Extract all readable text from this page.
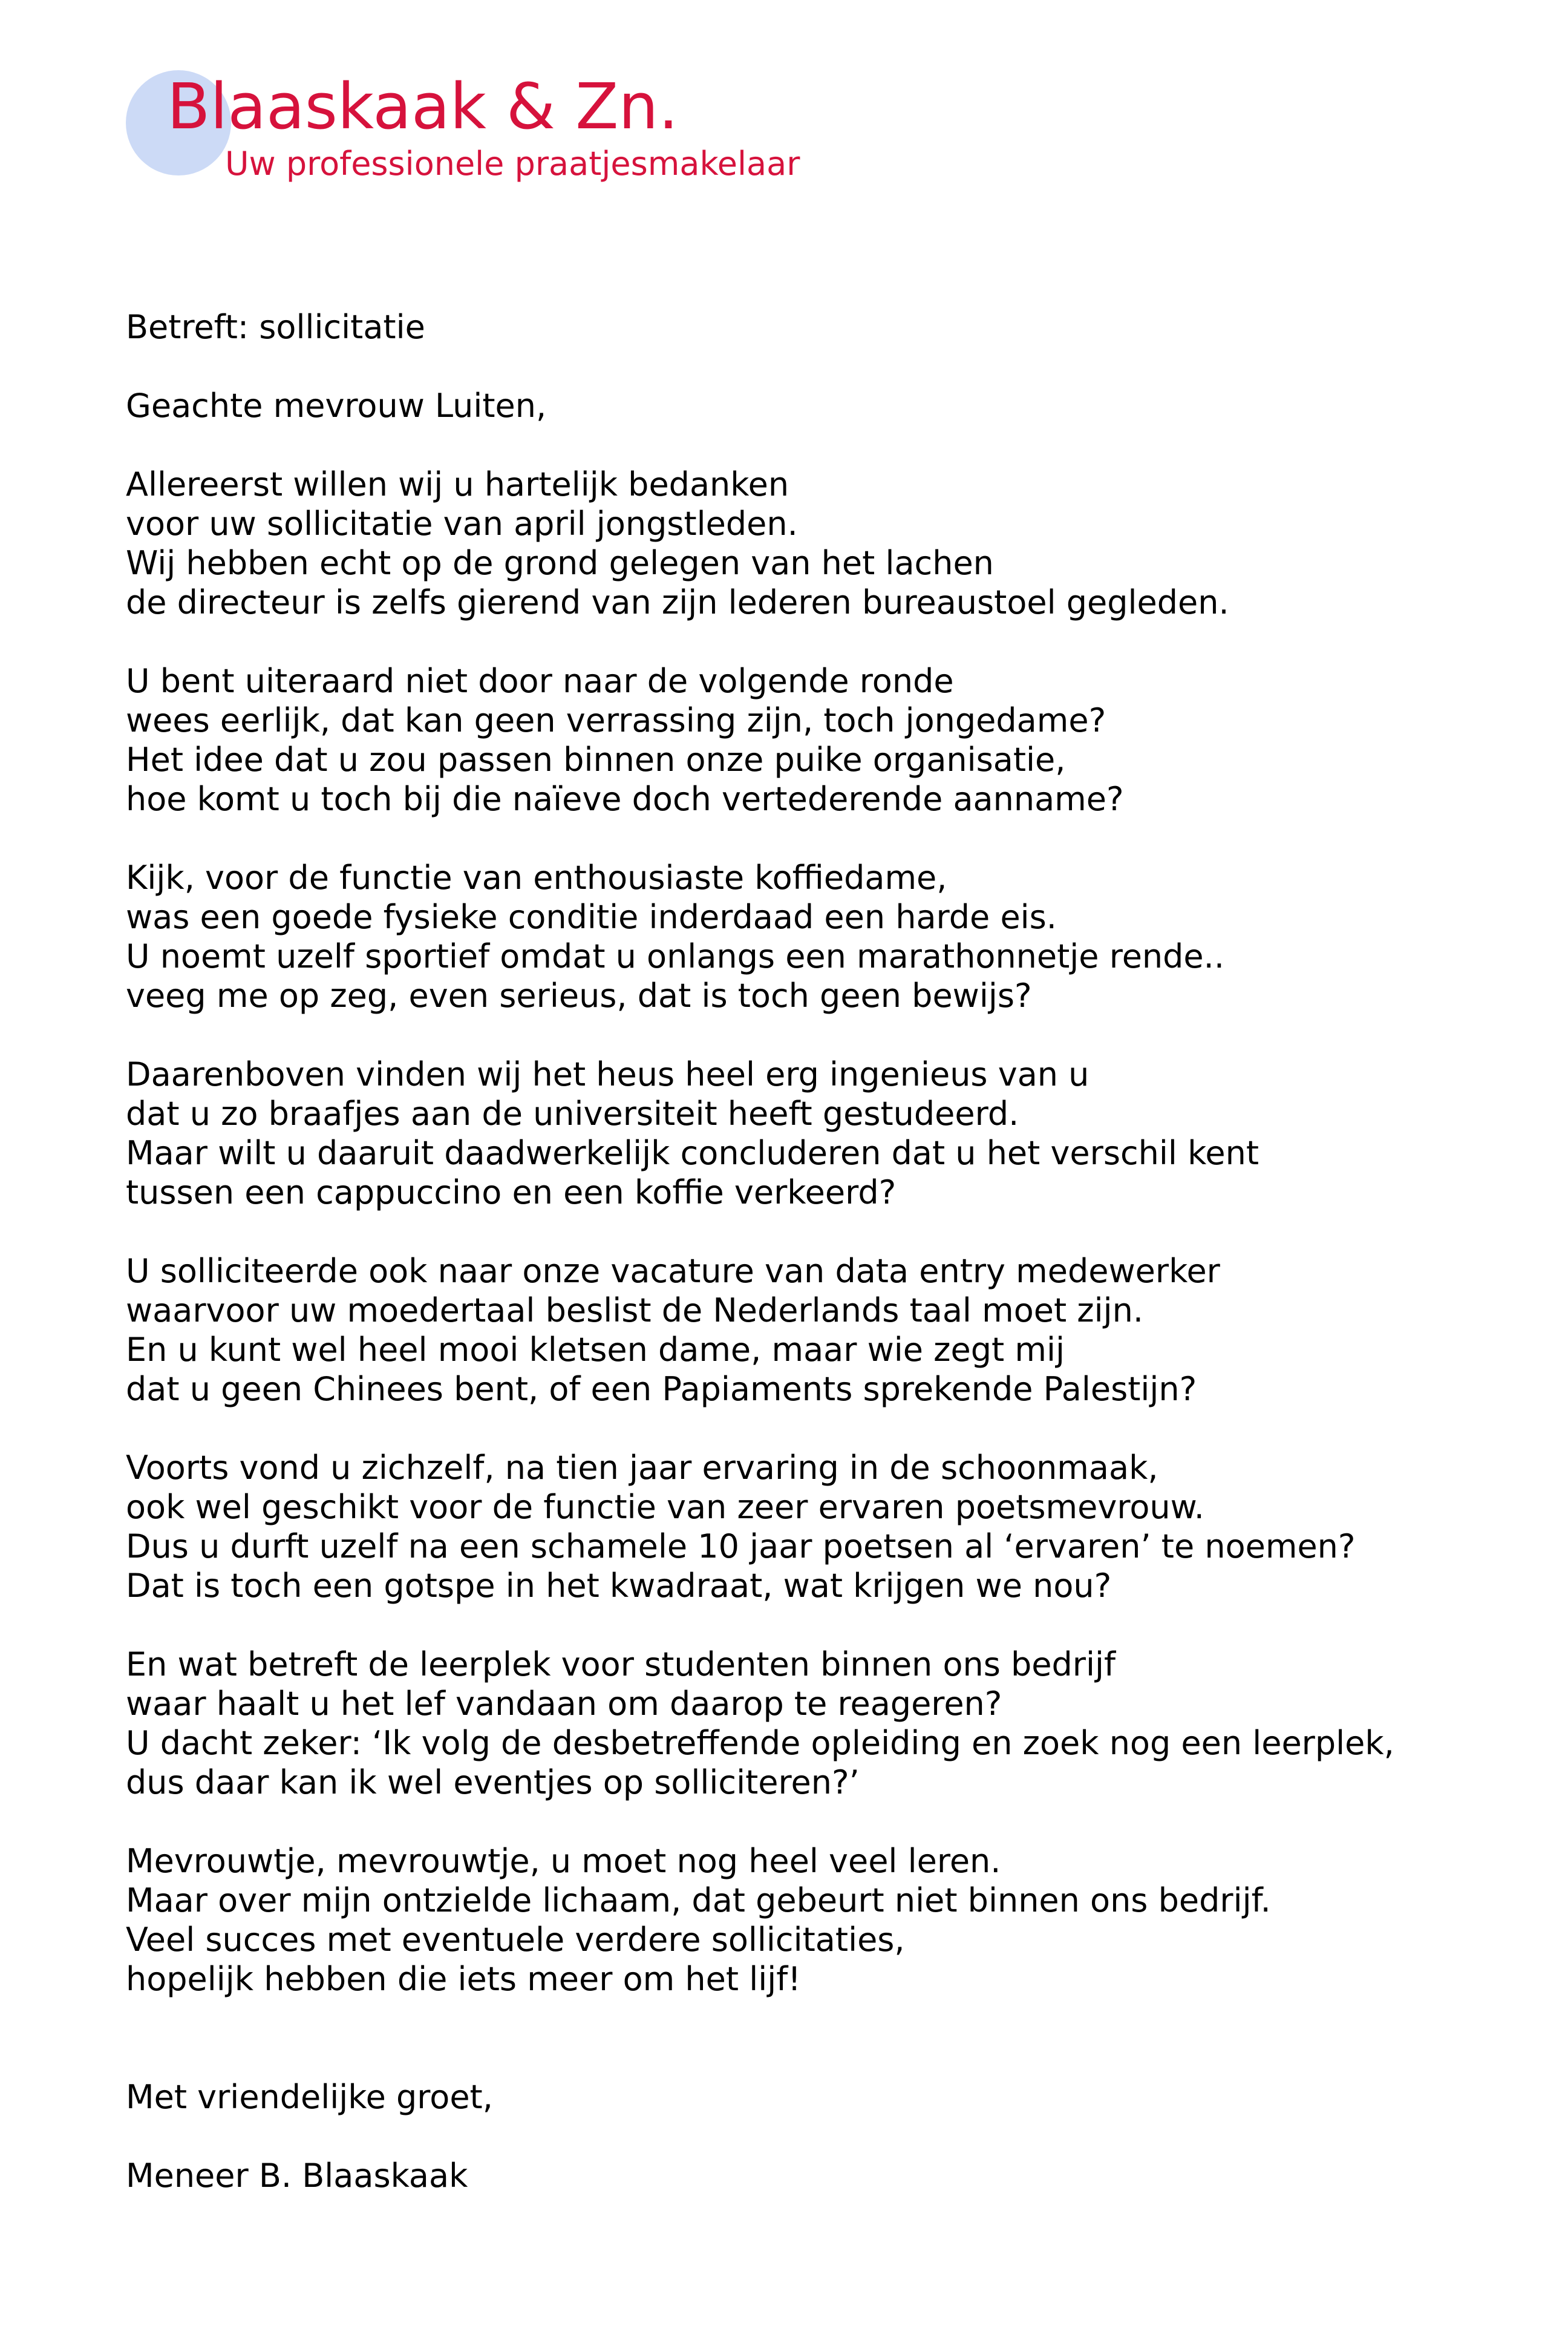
Blaaskaak & Zn.

Uw professionele praatjesmakelaar

Betreft: sollicitatie

Geachte mevrouw Luiten,

Allereerst willen wij u hartelijk bedanken
voor uw sollicitatie van april jongstleden.
Wij hebben echt op de grond gelegen van het lachen
de directeur is zelfs gierend van zijn lederen bureaustoel gegleden.

U bent uiteraard niet door naar de volgende ronde
wees eerlijk, dat kan geen verrassing zijn, toch jongedame?
Het idee dat u zou passen binnen onze puike organisatie,
hoe komt u toch bij die naïeve doch vertederende aanname?

Kijk, voor de functie van enthousiaste koffiedame,
was een goede fysieke conditie inderdaad een harde eis.
U noemt uzelf sportief omdat u onlangs een marathonnetje rende..
veeg me op zeg, even serieus, dat is toch geen bewijs?

Daarenboven vinden wij het heus heel erg ingenieus van u
dat u zo braafjes aan de universiteit heeft gestudeerd.
Maar wilt u daaruit daadwerkelijk concluderen dat u het verschil kent
tussen een cappuccino en een koffie verkeerd?

U solliciteerde ook naar onze vacature van data entry medewerker
waarvoor uw moedertaal beslist de Nederlands taal moet zijn.
En u kunt wel heel mooi kletsen dame, maar wie zegt mij
dat u geen Chinees bent, of een Papiaments sprekende Palestijn?

Voorts vond u zichzelf, na tien jaar ervaring in de schoonmaak,
ook wel geschikt voor de functie van zeer ervaren poetsmevrouw.
Dus u durft uzelf na een schamele 10 jaar poetsen al ‘ervaren’ te noemen?
Dat is toch een gotspe in het kwadraat, wat krijgen we nou?

En wat betreft de leerplek voor studenten binnen ons bedrijf
waar haalt u het lef vandaan om daarop te reageren?
U dacht zeker: ‘Ik volg de desbetreffende opleiding en zoek nog een leerplek,
dus daar kan ik wel eventjes op solliciteren?’

Mevrouwtje, mevrouwtje, u moet nog heel veel leren.
Maar over mijn ontzielde lichaam, dat gebeurt niet binnen ons bedrijf.
Veel succes met eventuele verdere sollicitaties,
hopelijk hebben die iets meer om het lijf!

Met vriendelijke groet,

Meneer B. Blaaskaak
